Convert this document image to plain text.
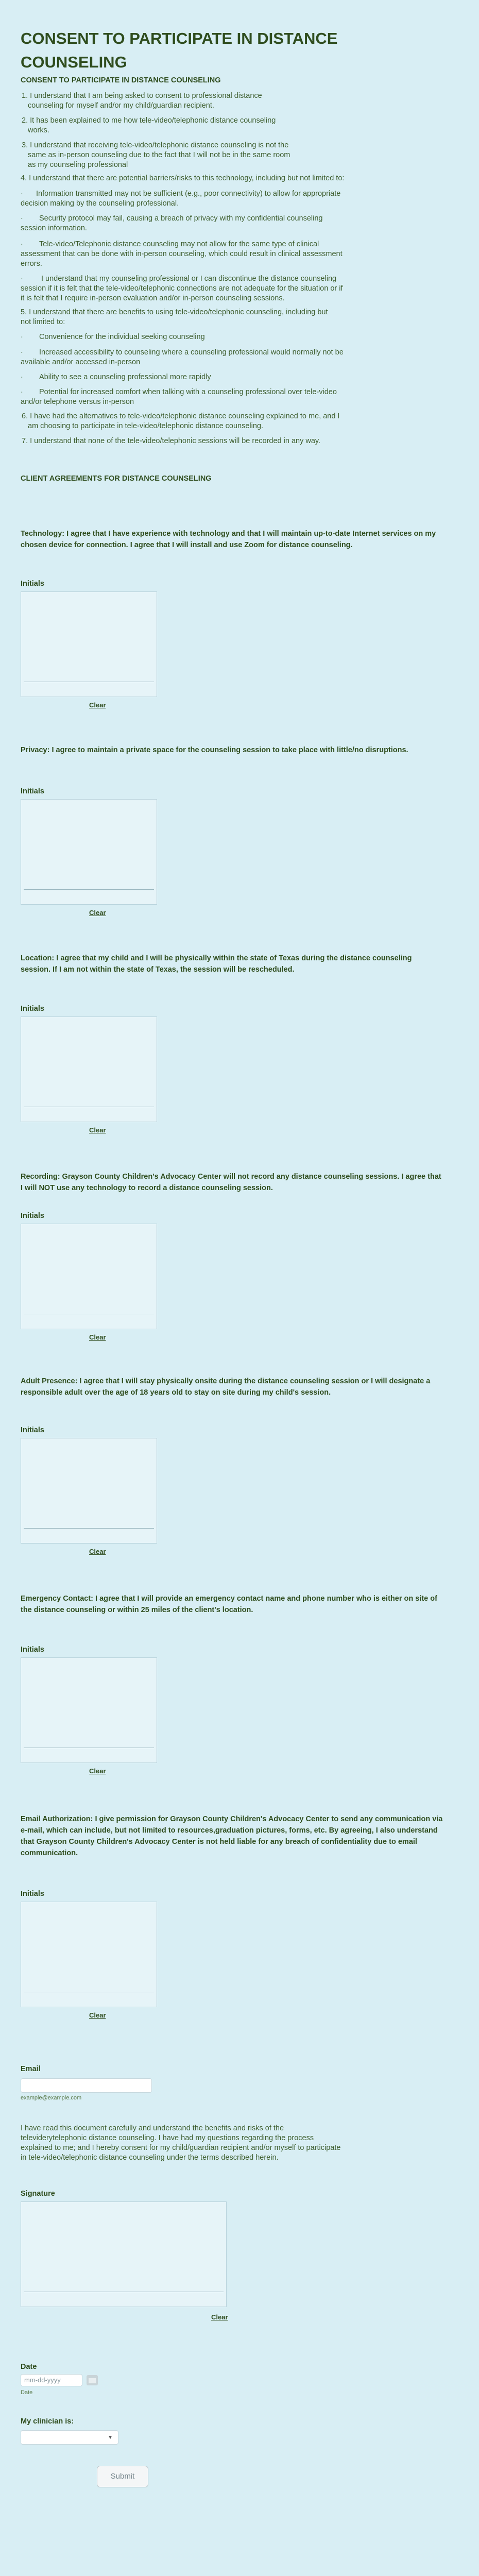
CONSENT TO PARTICIPATE IN DISTANCE COUNSELING
CONSENT TO PARTICIPATE IN DISTANCE COUNSELING
1. I understand that I am being asked to consent to professional distance
counseling for myself and/or my child/guardian recipient.
2. It has been explained to me how tele-video/telephonic distance counseling
works.
3. I understand that receiving tele-video/telephonic distance counseling is not the
same as in-person counseling due to the fact that I will not be in the same room
as my counseling professional
4. I understand that there are potential barriers/risks to this technology, including but not limited to:
Information transmitted may not be sufficient (e.g., poor connectivity) to allow for appropriate
·
decision making by the counseling professional.
·	Security protocol may fail, causing a breach of privacy with my confidential counseling
session information.
·	Tele-video/Telephonic distance counseling may not allow for the same type of clinical
assessment that can be done with in-person counseling, which could result in clinical assessment
errors.
·	I understand that my counseling professional or I can discontinue the distance counseling
session if it is felt that the tele-video/telephonic connections are not adequate for the situation or if
it is felt that I require in-person evaluation and/or in-person counseling sessions.
5. I understand that there are benefits to using tele-video/telephonic counseling, including but
not limited to:
·	Convenience for the individual seeking counseling
·	Increased accessibility to counseling where a counseling professional would normally not be
available and/or accessed in-person
·	Ability to see a counseling professional more rapidly
·	Potential for increased comfort when talking with a counseling professional over tele-video
and/or telephone versus in-person
6. I have had the alternatives to tele-video/telephonic distance counseling explained to me, and I
am choosing to participate in tele-video/telephonic distance counseling.
7. I understand that none of the tele-video/telephonic sessions will be recorded in any way.
CLIENT AGREEMENTS FOR DISTANCE COUNSELING
Technology: I agree that I have experience with technology and that I will maintain up-to-date Internet services on my chosen device for connection. I agree that I will install and use Zoom for distance counseling.
Initials
Clear
Privacy: I agree to maintain a private space for the counseling session to take place with little/no disruptions.
Initials
Clear
Location: I agree that my child and I will be physically within the state of Texas during the distance counseling session. If I am not within the state of Texas, the session will be rescheduled.
Initials
Clear
Recording: Grayson County Children's Advocacy Center will not record any distance counseling sessions. I agree that I will NOT use any technology to record a distance counseling session.
Initials
Clear
Adult Presence: I agree that I will stay physically onsite during the distance counseling session or I will designate a responsible adult over the age of 18 years old to stay on site during my child's session.
Initials
Clear
Emergency Contact: I agree that I will provide an emergency contact name and phone number who is either on site of the distance counseling or within 25 miles of the client's location.
Initials
Clear
Email Authorization: I give permission for Grayson County Children's Advocacy Center to send any communication via e-mail, which can include, but not limited to resources,graduation pictures, forms, etc. By agreeing, I also understand that Grayson County Children's Advocacy Center is not held liable for any breach of confidentiality due to email communication.
Initials
Clear
Email
example@example.com
I have read this document carefully and understand the benefits and risks of the
televiderytelephonic distance counseling. I have had my questions regarding the process
explained to me; and I hereby consent for my child/guardian recipient and/or myself to participate
in tele-video/telephonic distance counseling under the terms described herein.
Signature
Clear
Date
mm-dd-yyyy
Date
My clinician is:
▼
Submit
